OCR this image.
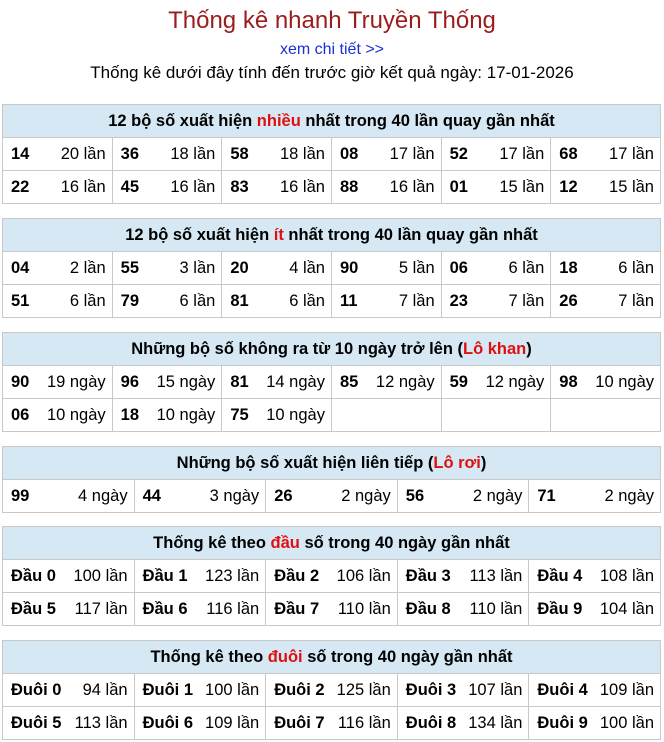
Thống kê nhanh Truyền Thống
xem chi tiết >>
Thống kê dưới đây tính đến trước giờ kết quả ngày: 17-01-2026
12 bộ số xuất hiện nhiều nhất trong 40 lần quay gần nhất					

14 20 lần	36 18 lần	58 18 lần	08 17 lần	52 17 lần	68 17 lần

22 16 lần	45 16 lần	83 16 lần	88 16 lần	01 15 lần	12 15 lần
12 bộ số xuất hiện ít nhất trong 40 lần quay gần nhất					

04 2 lần	55 3 lần	20 4 lần	90 5 lần	06 6 lần	18 6 lần

51 6 lần	79 6 lần	81 6 lần	11 7 lần	23 7 lần	26 7 lần
Những bộ số không ra từ 10 ngày trở lên (Lô khan)					

90 19 ngày	96 15 ngày	81 14 ngày	85 12 ngày	59 12 ngày	98 10 ngày

06 10 ngày	18 10 ngày	75 10 ngày			

Những bộ số xuất hiện liên tiếp (Lô rơi)

99	4 ngày	44	3 ngày	26	2 ngày	56	2 ngày	71	2 ngày
Thống kê theo đầu số trong 40 ngày gần nhất				

Đầu 0 100 lần	Đầu 1 123 lần	Đầu 2 106 lần	Đầu 3 113 lần	Đầu 4 108 lần

Đầu 5 117 lần	Đầu 6 116 lần	Đầu 7 110 lần	Đầu 8 110 lần	Đầu 9 104 lần
Thống kê theo đuôi số trong 40 ngày gần nhất				

Đuôi 0 94 lần	Đuôi 1 100 lần	Đuôi 2 125 lần	Đuôi 3 107 lần	Đuôi 4 109 lần

Đuôi 5 113 lần	Đuôi 6 109 lần	Đuôi 7 116 lần	Đuôi 8 134 lần	Đuôi 9 100 lần
